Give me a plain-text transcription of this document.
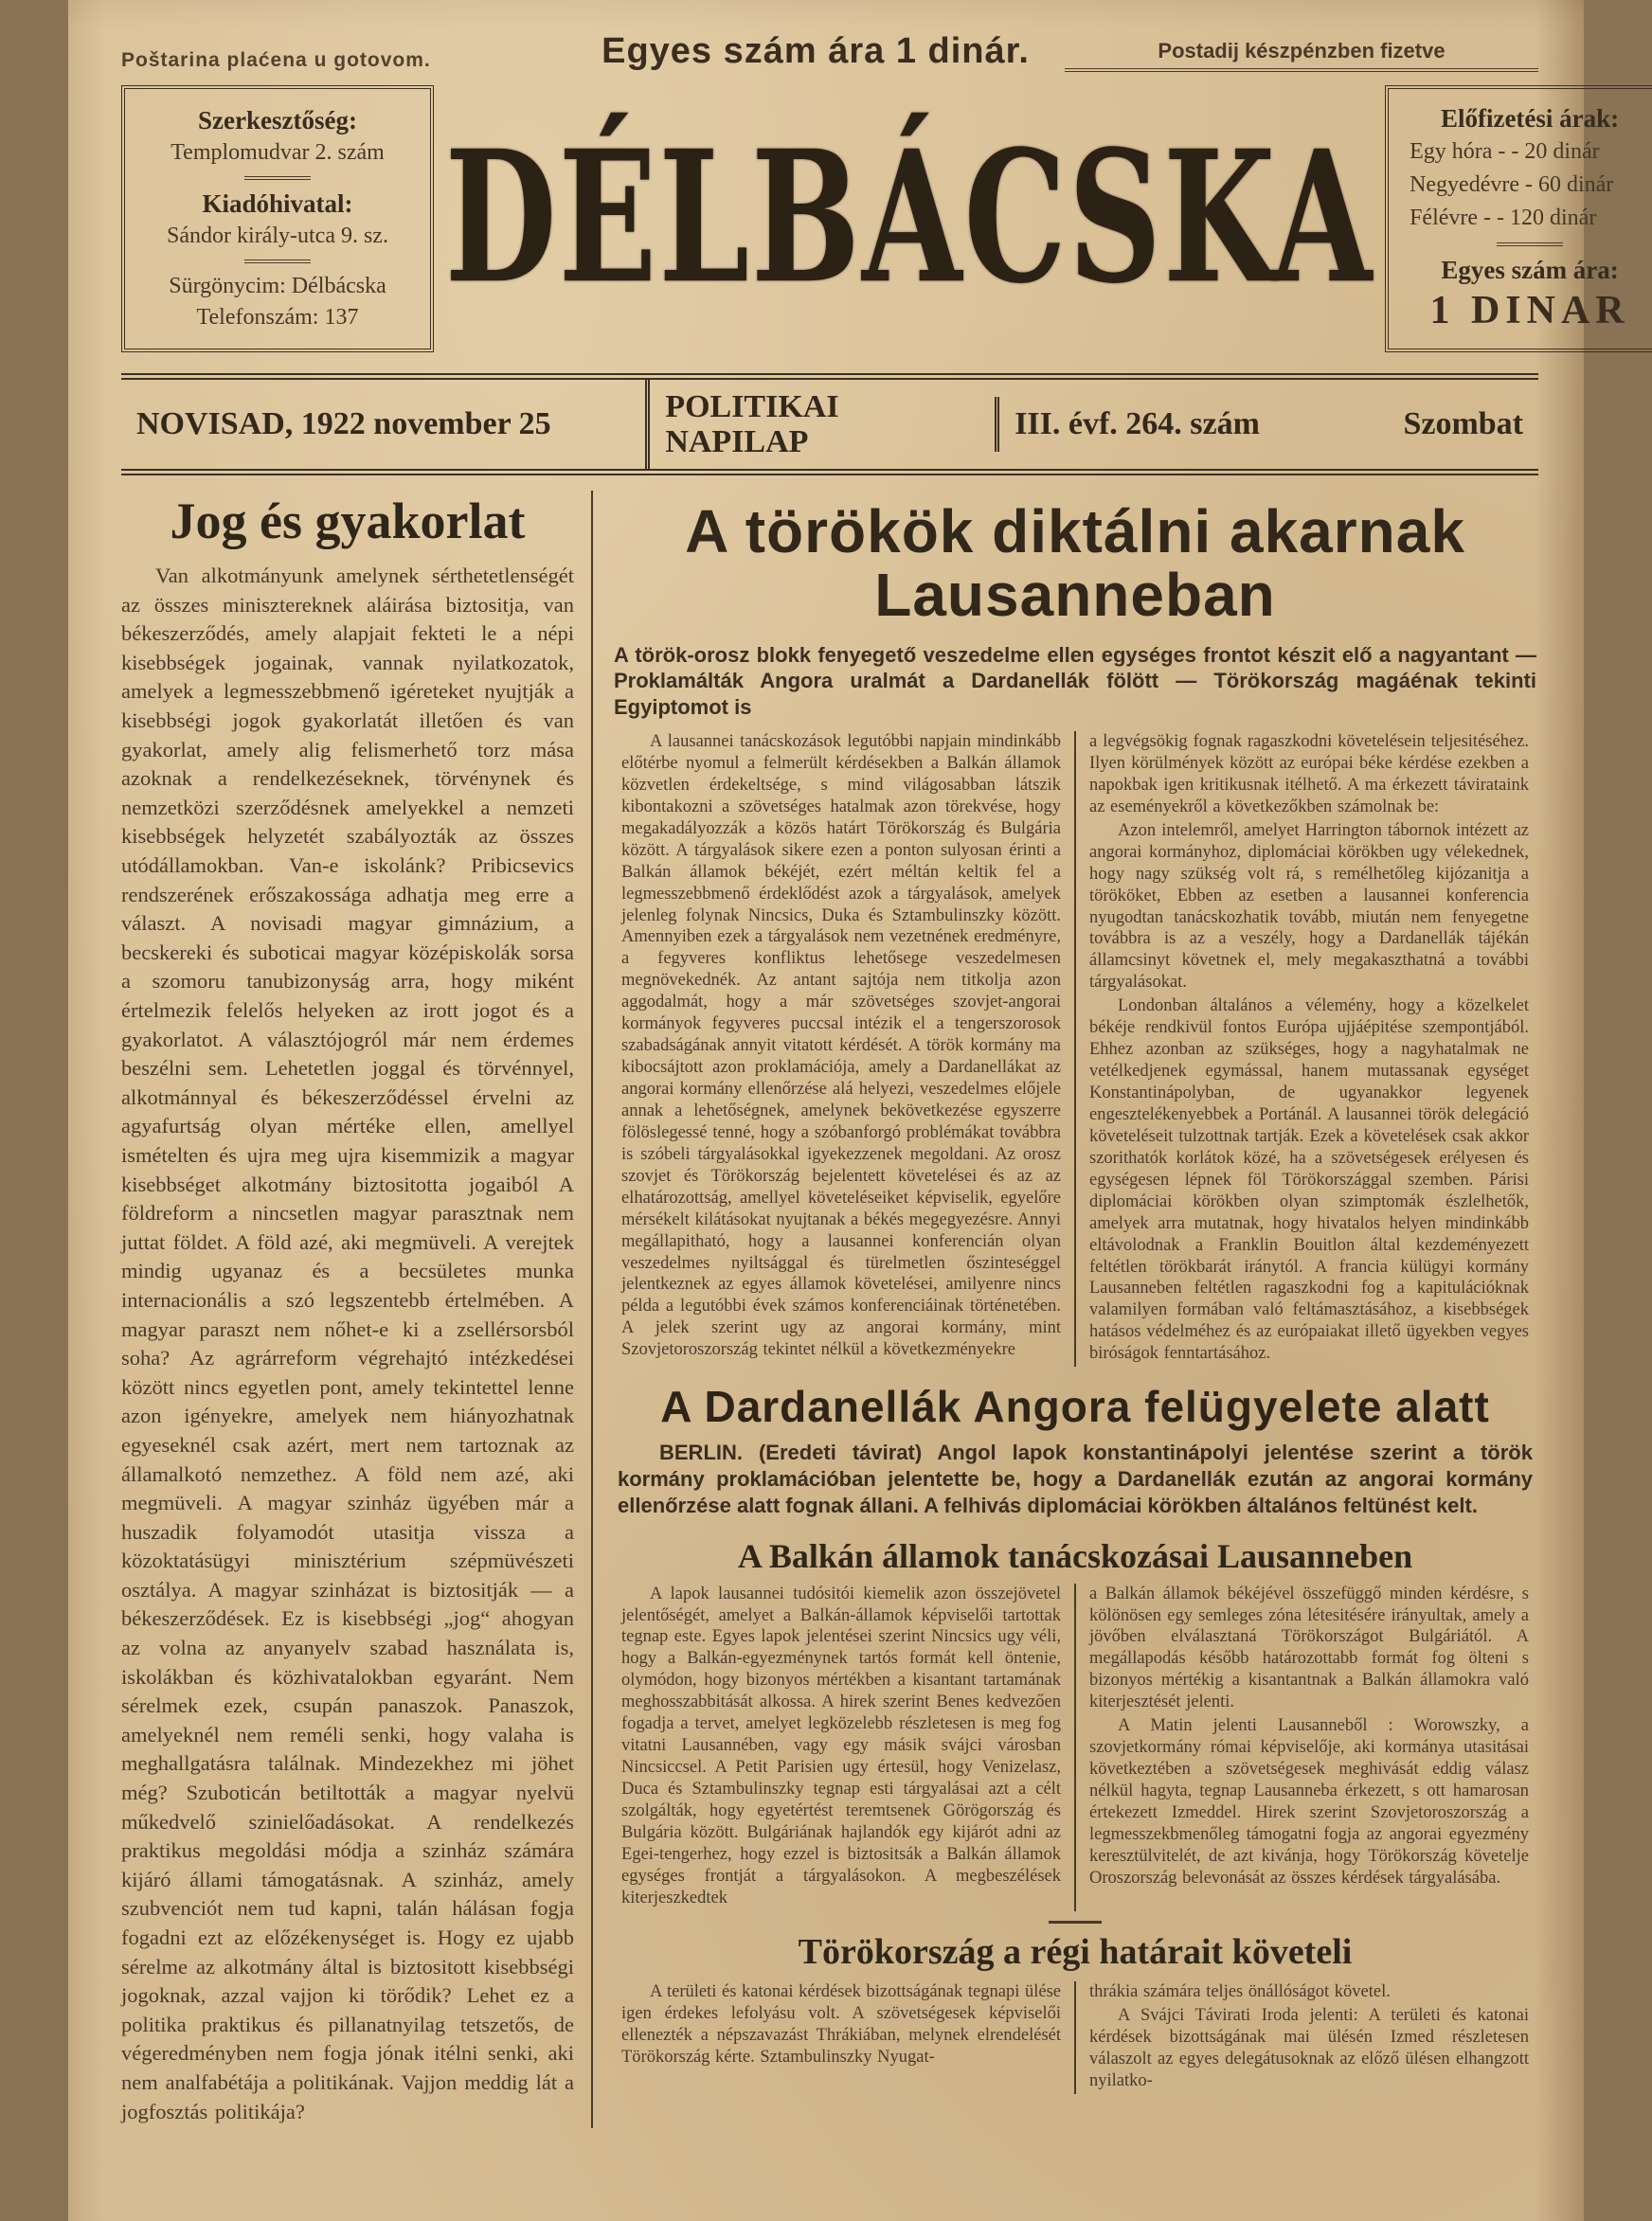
Poštarina plaćena u gotovom.	Egyes szám ára 1 dinár.	Postadij készpénzben fizetve
Szerkesztőség:
Templomudvar 2. szám
Kiadóhivatal:
Sándor király-utca 9. sz.
Sürgönycim: Délbácska
Telefonszám: 137 DÉLBÁCSKA	Előfizetési árak:
Egy hóra - - 20 dinár
Negyedévre - 60 dinár
Félévre - - 120 dinár
Egyes szám ára:
1 DINAR
NOVISAD, 1922 november 25
POLITIKAI NAPILAP
III. évf. 264. szám	Szombat
Jog és gyakorlat

Van alkotmányunk amelynek sérthetetlenségét az összes minisztereknek aláirása biztositja, van békeszerződés, amely alapjait fekteti le a népi kisebbségek jogainak, vannak nyilatkozatok, amelyek a legmesszebbmenő igéreteket nyujtják a kisebbségi jogok gyakorlatát illetően és van gyakorlat, amely alig felismerhető torz mása azoknak a rendelkezéseknek, törvénynek és nemzetközi szerződésnek amelyekkel a nemzeti kisebbségek helyzetét szabályozták az összes utódállamokban. Van-e iskolánk? Pribicsevics rendszerének erőszakossága adhatja meg erre a választ. A novisadi magyar gimnázium, a becskereki és suboticai magyar középiskolák sorsa a szomoru tanubizonyság arra, hogy miként értelmezik felelős helyeken az irott jogot és a gyakorlatot. A választójogról már nem érdemes beszélni sem. Lehetetlen joggal és törvénnyel, alkotmánnyal és békeszerződéssel érvelni az agyafurtság olyan mértéke ellen, amellyel ismételten és ujra meg ujra kisemmizik a magyar kisebbséget alkotmány biztositotta jogaiból A földreform a nincsetlen magyar parasztnak nem juttat földet. A föld azé, aki megmüveli. A verejtek mindig ugyanaz és a becsületes munka internacionális a szó legszentebb értelmében. A magyar paraszt nem nőhet-e ki a zsellérsorsból soha? Az agrárreform végrehajtó intézkedései között nincs egyetlen pont, amely tekintettel lenne azon igényekre, amelyek nem hiányozhatnak egyeseknél csak azért, mert nem tartoznak az államalkotó nemzethez. A föld nem azé, aki megmüveli. A magyar szinház ügyében már a huszadik folyamodót utasitja vissza a közoktatásügyi minisztérium szépmüvészeti osztálya. A magyar szinházat is biztositják — a békeszerződések. Ez is kisebbségi „jog“ ahogyan az volna az anyanyelv szabad használata is, iskolákban és közhivatalokban egyaránt. Nem sérelmek ezek, csupán panaszok. Panaszok, amelyeknél nem reméli senki, hogy valaha is meghallgatásra találnak. Mindezekhez mi jöhet még? Szuboticán betiltották a magyar nyelvü műkedvelő szinielőadásokat. A rendelkezés praktikus megoldási módja a szinház számára kijáró állami támogatásnak. A szinház, amely szubvenciót nem tud kapni, talán hálásan fogja fogadni ezt az előzékenységet is. Hogy ez ujabb sérelme az alkotmány által is biztositott kisebbségi jogoknak, azzal vajjon ki törődik? Lehet ez a politika praktikus és pillanatnyilag tetszetős, de végeredményben nem fogja jónak itélni senki, aki nem analfabétája a politikának. Vajjon meddig lát a jogfosztás politikája?

A törökök diktálni akarnak
Lausanneban

A török-orosz blokk fenyegető veszedelme ellen egységes frontot készit elő a nagyantant — Proklamálták Angora uralmát a Dardanellák fölött — Törökország magáénak tekinti Egyiptomot is

A lausannei tanácskozások legutóbbi napjain mindinkább előtérbe nyomul a felmerült kérdésekben a Balkán államok közvetlen érdekeltsége, s mind világosabban látszik kibontakozni a szövetséges hatalmak azon törekvése, hogy megakadályozzák a közös határt Törökország és Bulgária között. A tárgyalások sikere ezen a ponton sulyosan érinti a Balkán államok békéjét, ezért méltán keltik fel a legmesszebbmenő érdeklődést azok a tárgyalások, amelyek jelenleg folynak Nincsics, Duka és Sztambulinszky között. Amennyiben ezek a tárgyalások nem vezetnének eredményre, a fegyveres konfliktus lehetősege veszedelmesen megnövekednék. Az antant sajtója nem titkolja azon aggodalmát, hogy a már szövetséges szovjet-angorai kormányok fegyveres puccsal intézik el a tengerszorosok szabadságának annyit vitatott kérdését. A török kormány ma kibocsájtott azon proklamációja, amely a Dardanellákat az angorai kormány ellenőrzése alá helyezi, veszedelmes előjele annak a lehetőségnek, amelynek bekövetkezése egyszerre fölöslegessé tenné, hogy a szóbanforgó problémákat továbbra is szóbeli tárgyalásokkal igyekezzenek megoldani. Az orosz szovjet és Törökország bejelentett követelései és az az elhatározottság, amellyel követeléseiket képviselik, egyelőre mérsékelt kilátásokat nyujtanak a békés megegyezésre. Annyi megállapitható, hogy a lausannei konferencián olyan veszedelmes nyiltsággal és türelmetlen őszinteséggel jelentkeznek az egyes államok követelései, amilyenre nincs példa a legutóbbi évek számos konferenciáinak történetében. A jelek szerint ugy az angorai kormány, mint Szovjetoroszország tekintet nélkül a következményekre

a legvégsökig fognak ragaszkodni követelésein teljesitéséhez. Ilyen körülmények között az európai béke kérdése ezekben a napokbak igen kritikusnak itélhető. A ma érkezett távirataink az eseményekről a következőkben számolnak be:

Azon intelemről, amelyet Harrington tábornok intézett az angorai kormányhoz, diplomáciai körökben ugy vélekednek, hogy nagy szükség volt rá, s remélhetőleg kijózanitja a törököket, Ebben az esetben a lausannei konferencia nyugodtan tanácskozhatik tovább, miután nem fenyegetne továbbra is az a veszély, hogy a Dardanellák tájékán államcsinyt követnek el, mely megakaszthatná a további tárgyalásokat.

Londonban általános a vélemény, hogy a közelkelet békéje rendkivül fontos Európa ujjáépitése szempontjából. Ehhez azonban az szükséges, hogy a nagyhatalmak ne vetélkedjenek egymással, hanem mutassanak egységet Konstantinápolyban, de ugyanakkor legyenek engesztelékenyebbek a Portánál. A lausannei török delegáció követeléseit tulzottnak tartják. Ezek a követelések csak akkor szorithatók korlátok közé, ha a szövetségesek erélyesen és egységesen lépnek föl Törökországgal szemben. Párisi diplomáciai körökben olyan szimptomák észlelhetők, amelyek arra mutatnak, hogy hivatalos helyen mindinkább eltávolodnak a Franklin Bouitlon által kezdeményezett feltétlen törökbarát iránytól. A francia külügyi kormány Lausanneben feltétlen ragaszkodni fog a kapitulációknak valamilyen formában való feltámasztásához, a kisebbségek hatásos védelméhez és az európaiakat illető ügyekben vegyes biróságok fenntartásához.

A Dardanellák Angora felügyelete alatt

BERLIN. (Eredeti távirat) Angol lapok konstantinápolyi jelentése szerint a török kormány proklamációban jelentette be, hogy a Dardanellák ezután az angorai kormány ellenőrzése alatt fognak állani. A felhivás diplomáciai körökben általános feltünést kelt.

A Balkán államok tanácskozásai Lausanneben

A lapok lausannei tudósitói kiemelik azon összejövetel jelentőségét, amelyet a Balkán-államok képviselői tartottak tegnap este. Egyes lapok jelentései szerint Nincsics ugy véli, hogy a Balkán-egyezménynek tartós formát kell öntenie, olymódon, hogy bizonyos mértékben a kisantant tartamának meghosszabbitását alkossa. A hirek szerint Benes kedvezően fogadja a tervet, amelyet legközelebb részletesen is meg fog vitatni Lausannében, vagy egy másik svájci városban Nincsiccsel. A Petit Parisien ugy értesül, hogy Venizelasz, Duca és Sztambulinszky tegnap esti tárgyalásai azt a célt szolgálták, hogy egyetértést teremtsenek Görögország és Bulgária között. Bulgáriának hajlandók egy kijárót adni az Egei-tengerhez, hogy ezzel is biztositsák a Balkán államok egységes frontját a tárgyalásokon. A megbeszélések kiterjeszkedtek

a Balkán államok békéjével összefüggő minden kérdésre, s kölönösen egy semleges zóna létesitésére irányultak, amely a jövőben elválasztaná Törökországot Bulgáriától. A megállapodás később határozottabb formát fog ölteni s bizonyos mértékig a kisantantnak a Balkán államokra való kiterjesztését jelenti.

A Matin jelenti Lausanneből : Worowszky, a szovjetkormány római képviselője, aki kormánya utasitásai következtében a szövetségesek meghivását eddig válasz nélkül hagyta, tegnap Lausanneba érkezett, s ott hamarosan értekezett Izmeddel. Hirek szerint Szovjetoroszország a legmesszekbmenőleg támogatni fogja az angorai egyezmény keresztülvitelét, de azt kivánja, hogy Törökország követelje Oroszország belevonását az összes kérdések tárgyalásába.

Törökország a régi határait követeli

A területi és katonai kérdések bizottságának tegnapi ülése igen érdekes lefolyásu volt. A szövetségesek képviselői ellenezték a népszavazást Thrákiában, melynek elrendelését Törökország kérte. Sztambulinszky Nyugat-

thrákia számára teljes önállóságot követel.

A Svájci Távirati Iroda jelenti: A területi és katonai kérdések bizottságának mai ülésén Izmed részletesen válaszolt az egyes delegátusoknak az előző ülésen elhangzott nyilatko-
